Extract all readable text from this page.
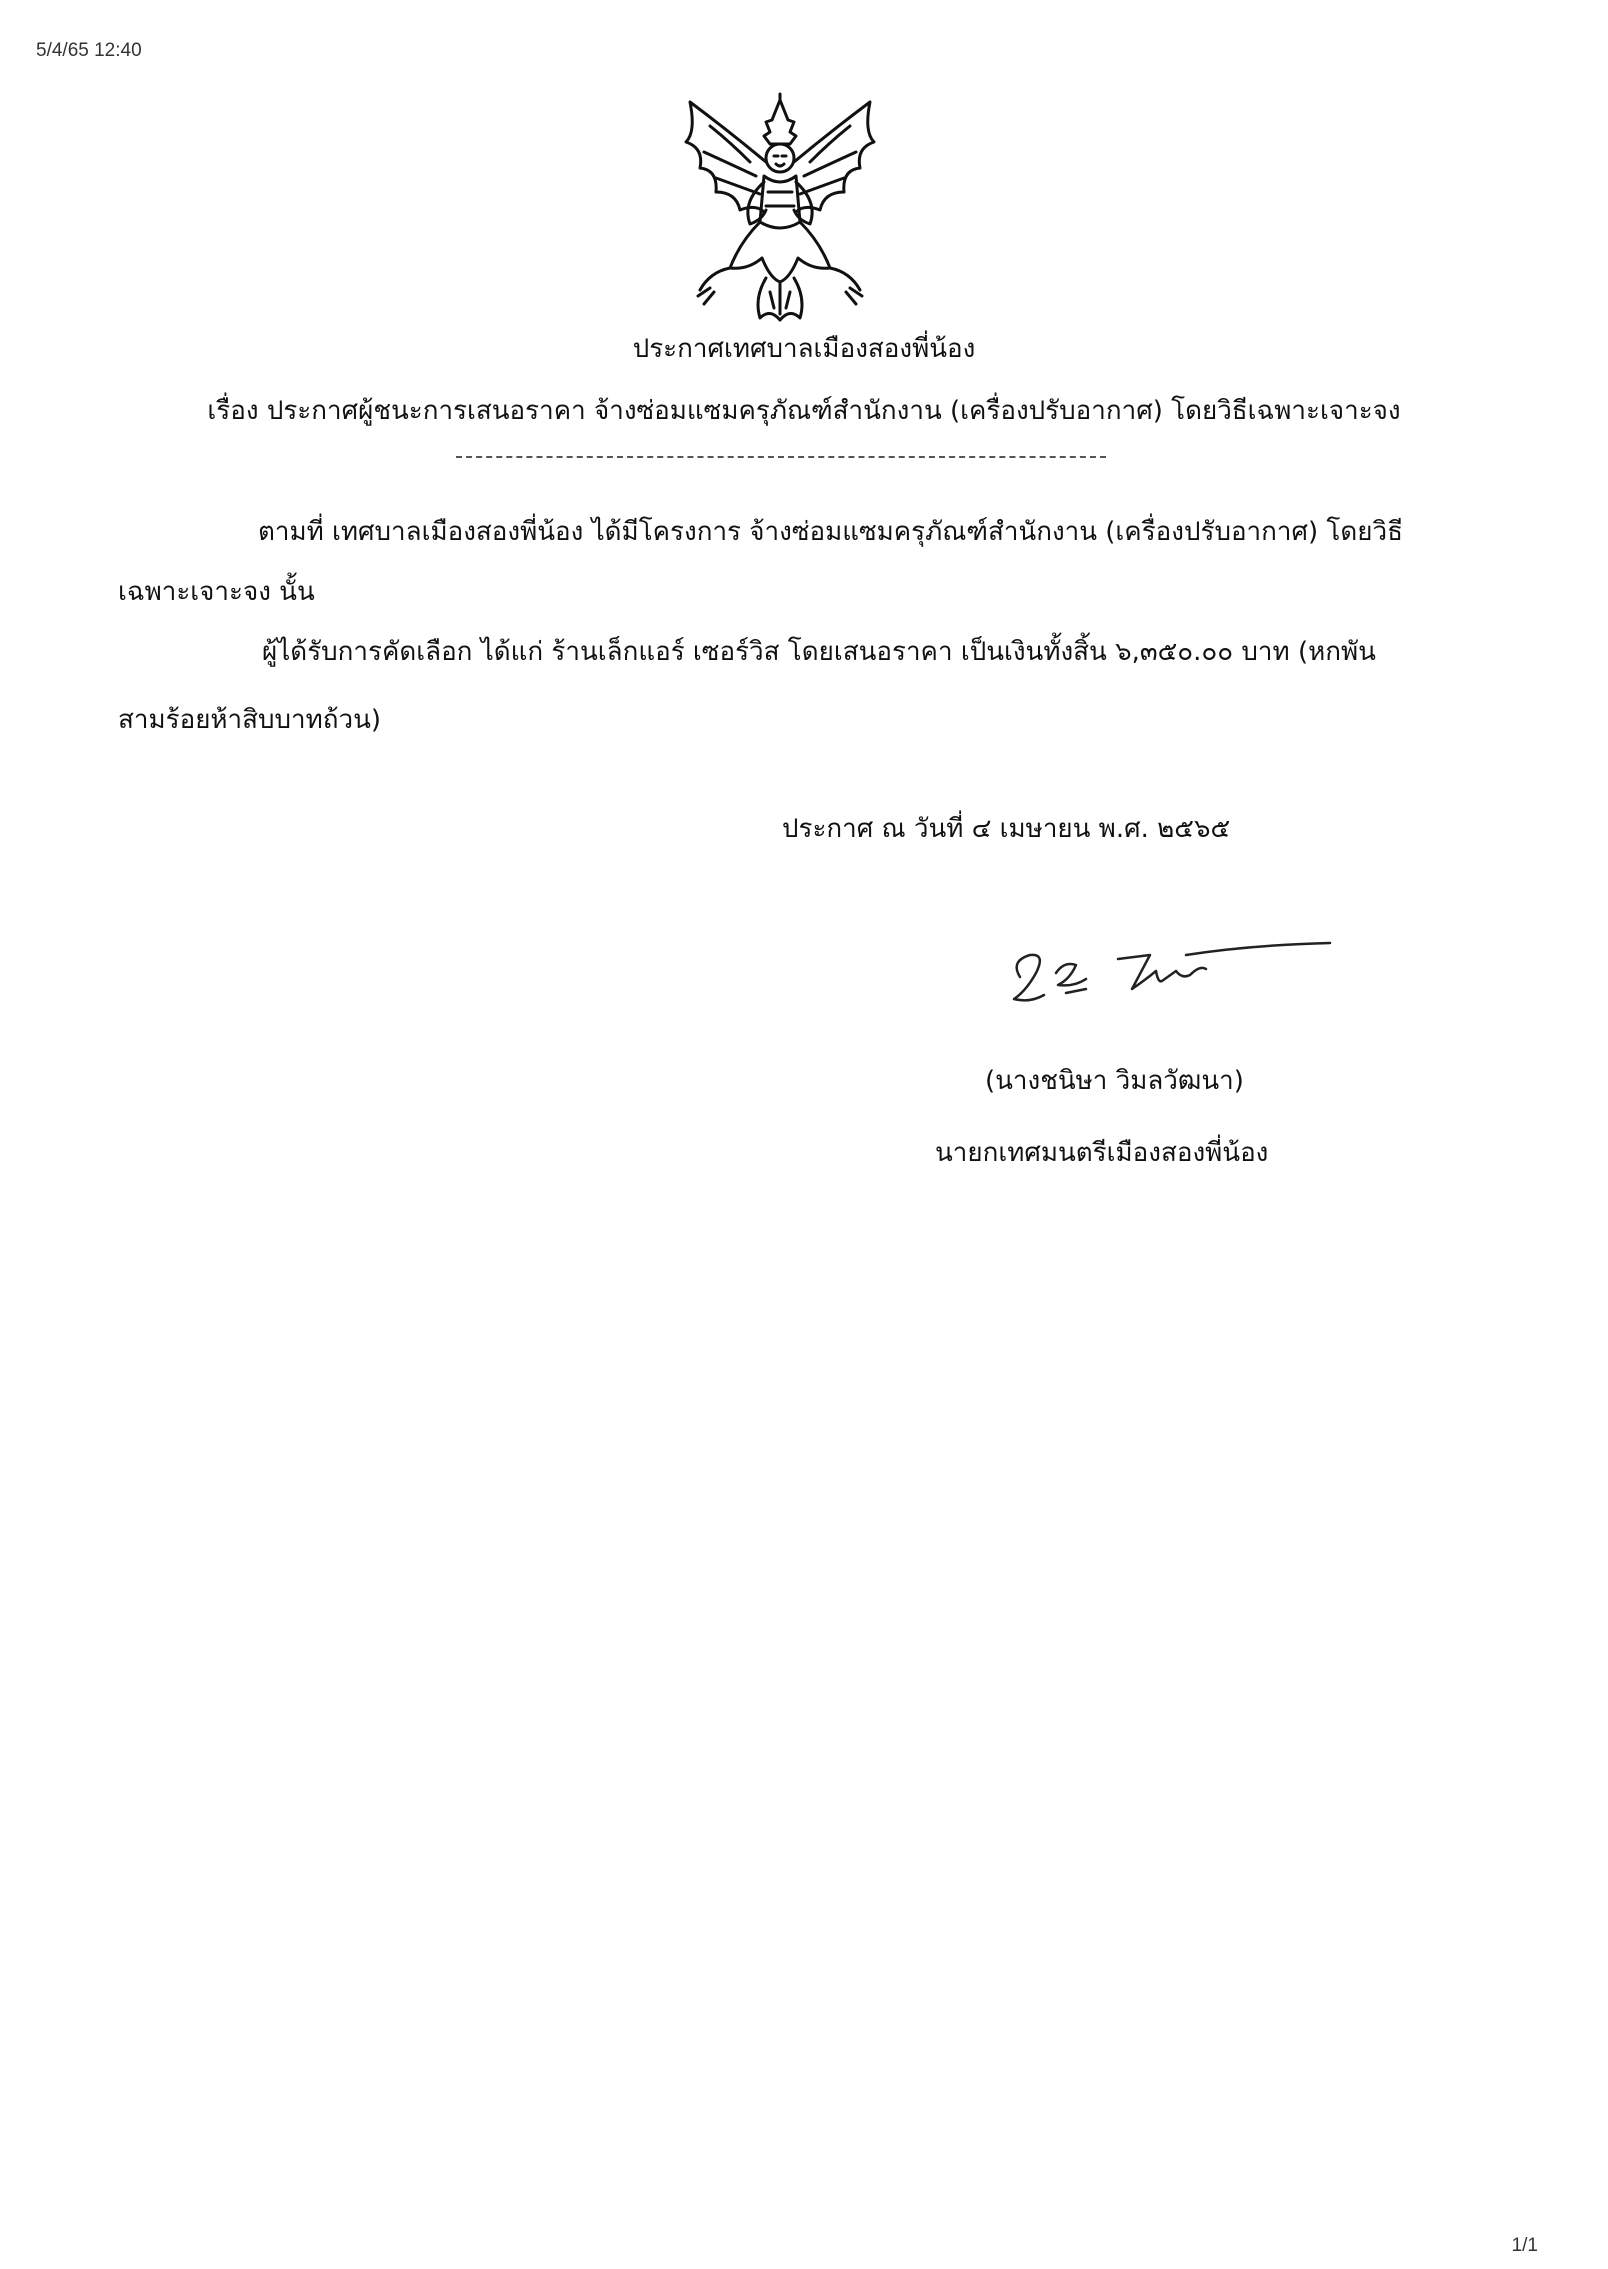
5/4/65 12:40
ประกาศเทศบาลเมืองสองพี่น้อง
เรื่อง ประกาศผู้ชนะการเสนอราคา จ้างซ่อมแซมครุภัณฑ์สำนักงาน (เครื่องปรับอากาศ) โดยวิธีเฉพาะเจาะจง
ตามที่ เทศบาลเมืองสองพี่น้อง ได้มีโครงการ จ้างซ่อมแซมครุภัณฑ์สำนักงาน (เครื่องปรับอากาศ) โดยวิธี
เฉพาะเจาะจง นั้น
ผู้ได้รับการคัดเลือก ได้แก่ ร้านเล็กแอร์ เซอร์วิส โดยเสนอราคา เป็นเงินทั้งสิ้น ๖,๓๕๐.๐๐ บาท (หกพัน
สามร้อยห้าสิบบาทถ้วน)
ประกาศ ณ วันที่ ๔ เมษายน พ.ศ. ๒๕๖๕
(นางชนิษา วิมลวัฒนา)
นายกเทศมนตรีเมืองสองพี่น้อง
1/1
